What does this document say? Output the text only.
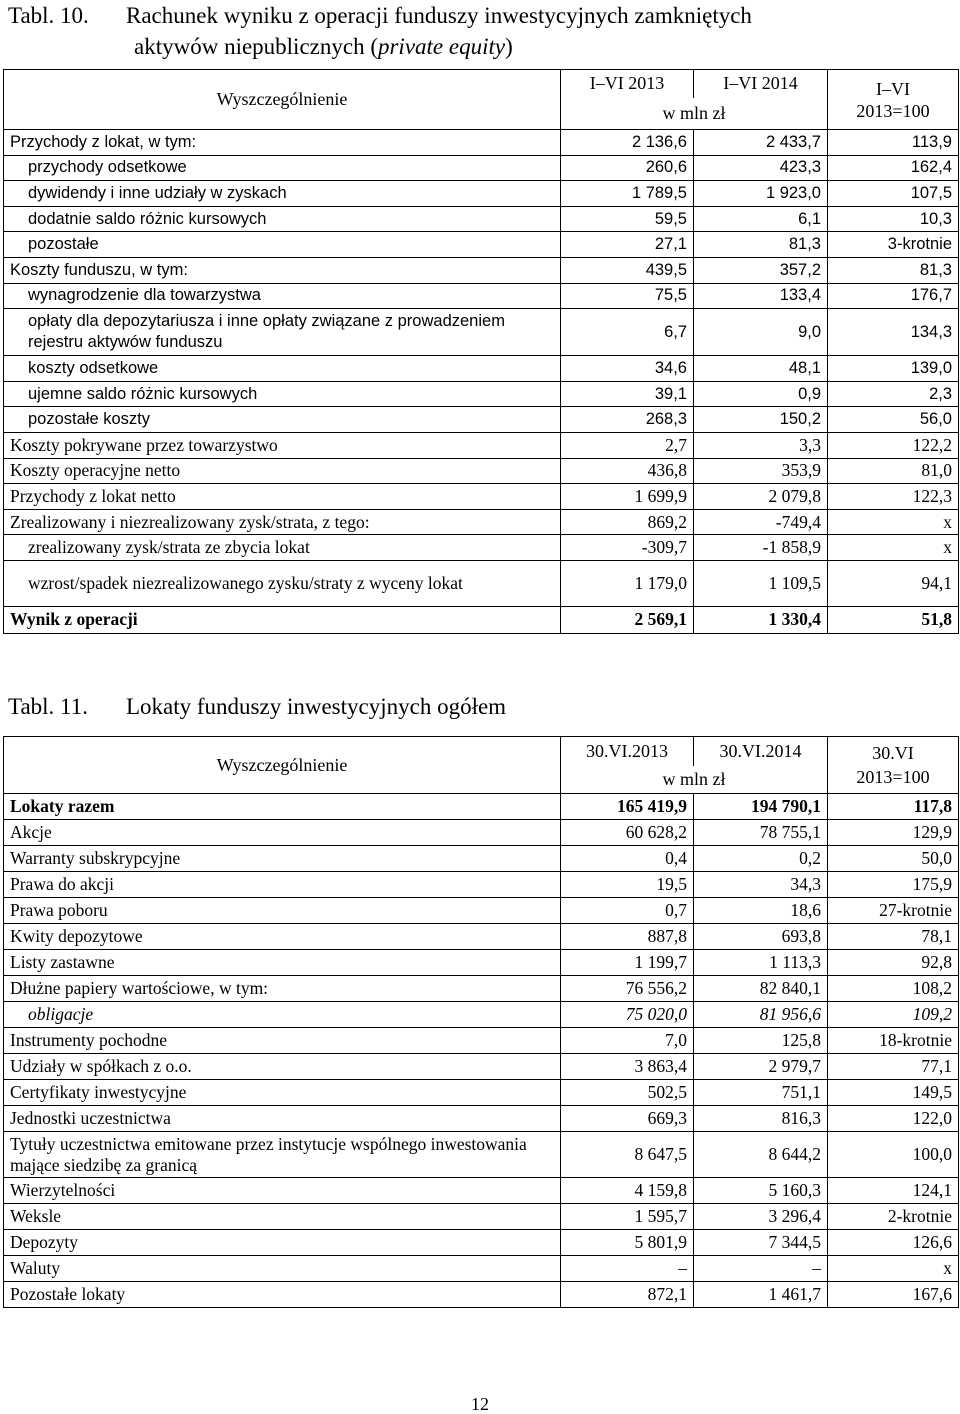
Tabl. 10. Rachunek wyniku z operacji funduszy inwestycyjnych zamkniętych
aktywów niepublicznych (private equity)
Wyszczególnienie	I–VI 2013	I–VI 2014	I–VI
2013=100
	w mln zł		
Przychody z lokat, w tym:	2 136,6	2 433,7	113,9
przychody odsetkowe	260,6	423,3	162,4
dywidendy i inne udziały w zyskach	1 789,5	1 923,0	107,5
dodatnie saldo różnic kursowych	59,5	6,1	10,3
pozostałe	27,1	81,3	3-krotnie
Koszty funduszu, w tym:	439,5	357,2	81,3
wynagrodzenie dla towarzystwa	75,5	133,4	176,7
opłaty dla depozytariusza i inne opłaty związane z prowadzeniem rejestru aktywów funduszu	6,7	9,0	134,3
koszty odsetkowe	34,6	48,1	139,0
ujemne saldo różnic kursowych	39,1	0,9	2,3
pozostałe koszty	268,3	150,2	56,0
Koszty pokrywane przez towarzystwo	2,7	3,3	122,2
Koszty operacyjne netto	436,8	353,9	81,0
Przychody z lokat netto	1 699,9	2 079,8	122,3
Zrealizowany i niezrealizowany zysk/strata, z tego:	869,2	-749,4	x
zrealizowany zysk/strata ze zbycia lokat	-309,7	-1 858,9	x
wzrost/spadek niezrealizowanego zysku/straty z wyceny lokat	1 179,0	1 109,5	94,1
Wynik z operacji	2 569,1	1 330,4	51,8
Tabl. 11. Lokaty funduszy inwestycyjnych ogółem
Wyszczególnienie	30.VI.2013	30.VI.2014	30.VI
2013=100
	w mln zł		
Lokaty razem	165 419,9	194 790,1	117,8
Akcje	60 628,2	78 755,1	129,9
Warranty subskrypcyjne	0,4	0,2	50,0
Prawa do akcji	19,5	34,3	175,9
Prawa poboru	0,7	18,6	27-krotnie
Kwity depozytowe	887,8	693,8	78,1
Listy zastawne	1 199,7	1 113,3	92,8
Dłużne papiery wartościowe, w tym:	76 556,2	82 840,1	108,2
obligacje	75 020,0	81 956,6	109,2
Instrumenty pochodne	7,0	125,8	18-krotnie
Udziały w spółkach z o.o.	3 863,4	2 979,7	77,1
Certyfikaty inwestycyjne	502,5	751,1	149,5
Jednostki uczestnictwa	669,3	816,3	122,0
Tytuły uczestnictwa emitowane przez instytucje wspólnego inwestowania mające siedzibę za granicą	8 647,5	8 644,2	100,0
Wierzytelności	4 159,8	5 160,3	124,1
Weksle	1 595,7	3 296,4	2-krotnie
Depozyty	5 801,9	7 344,5	126,6
Waluty	–	–	x
Pozostałe lokaty	872,1	1 461,7	167,6
12
